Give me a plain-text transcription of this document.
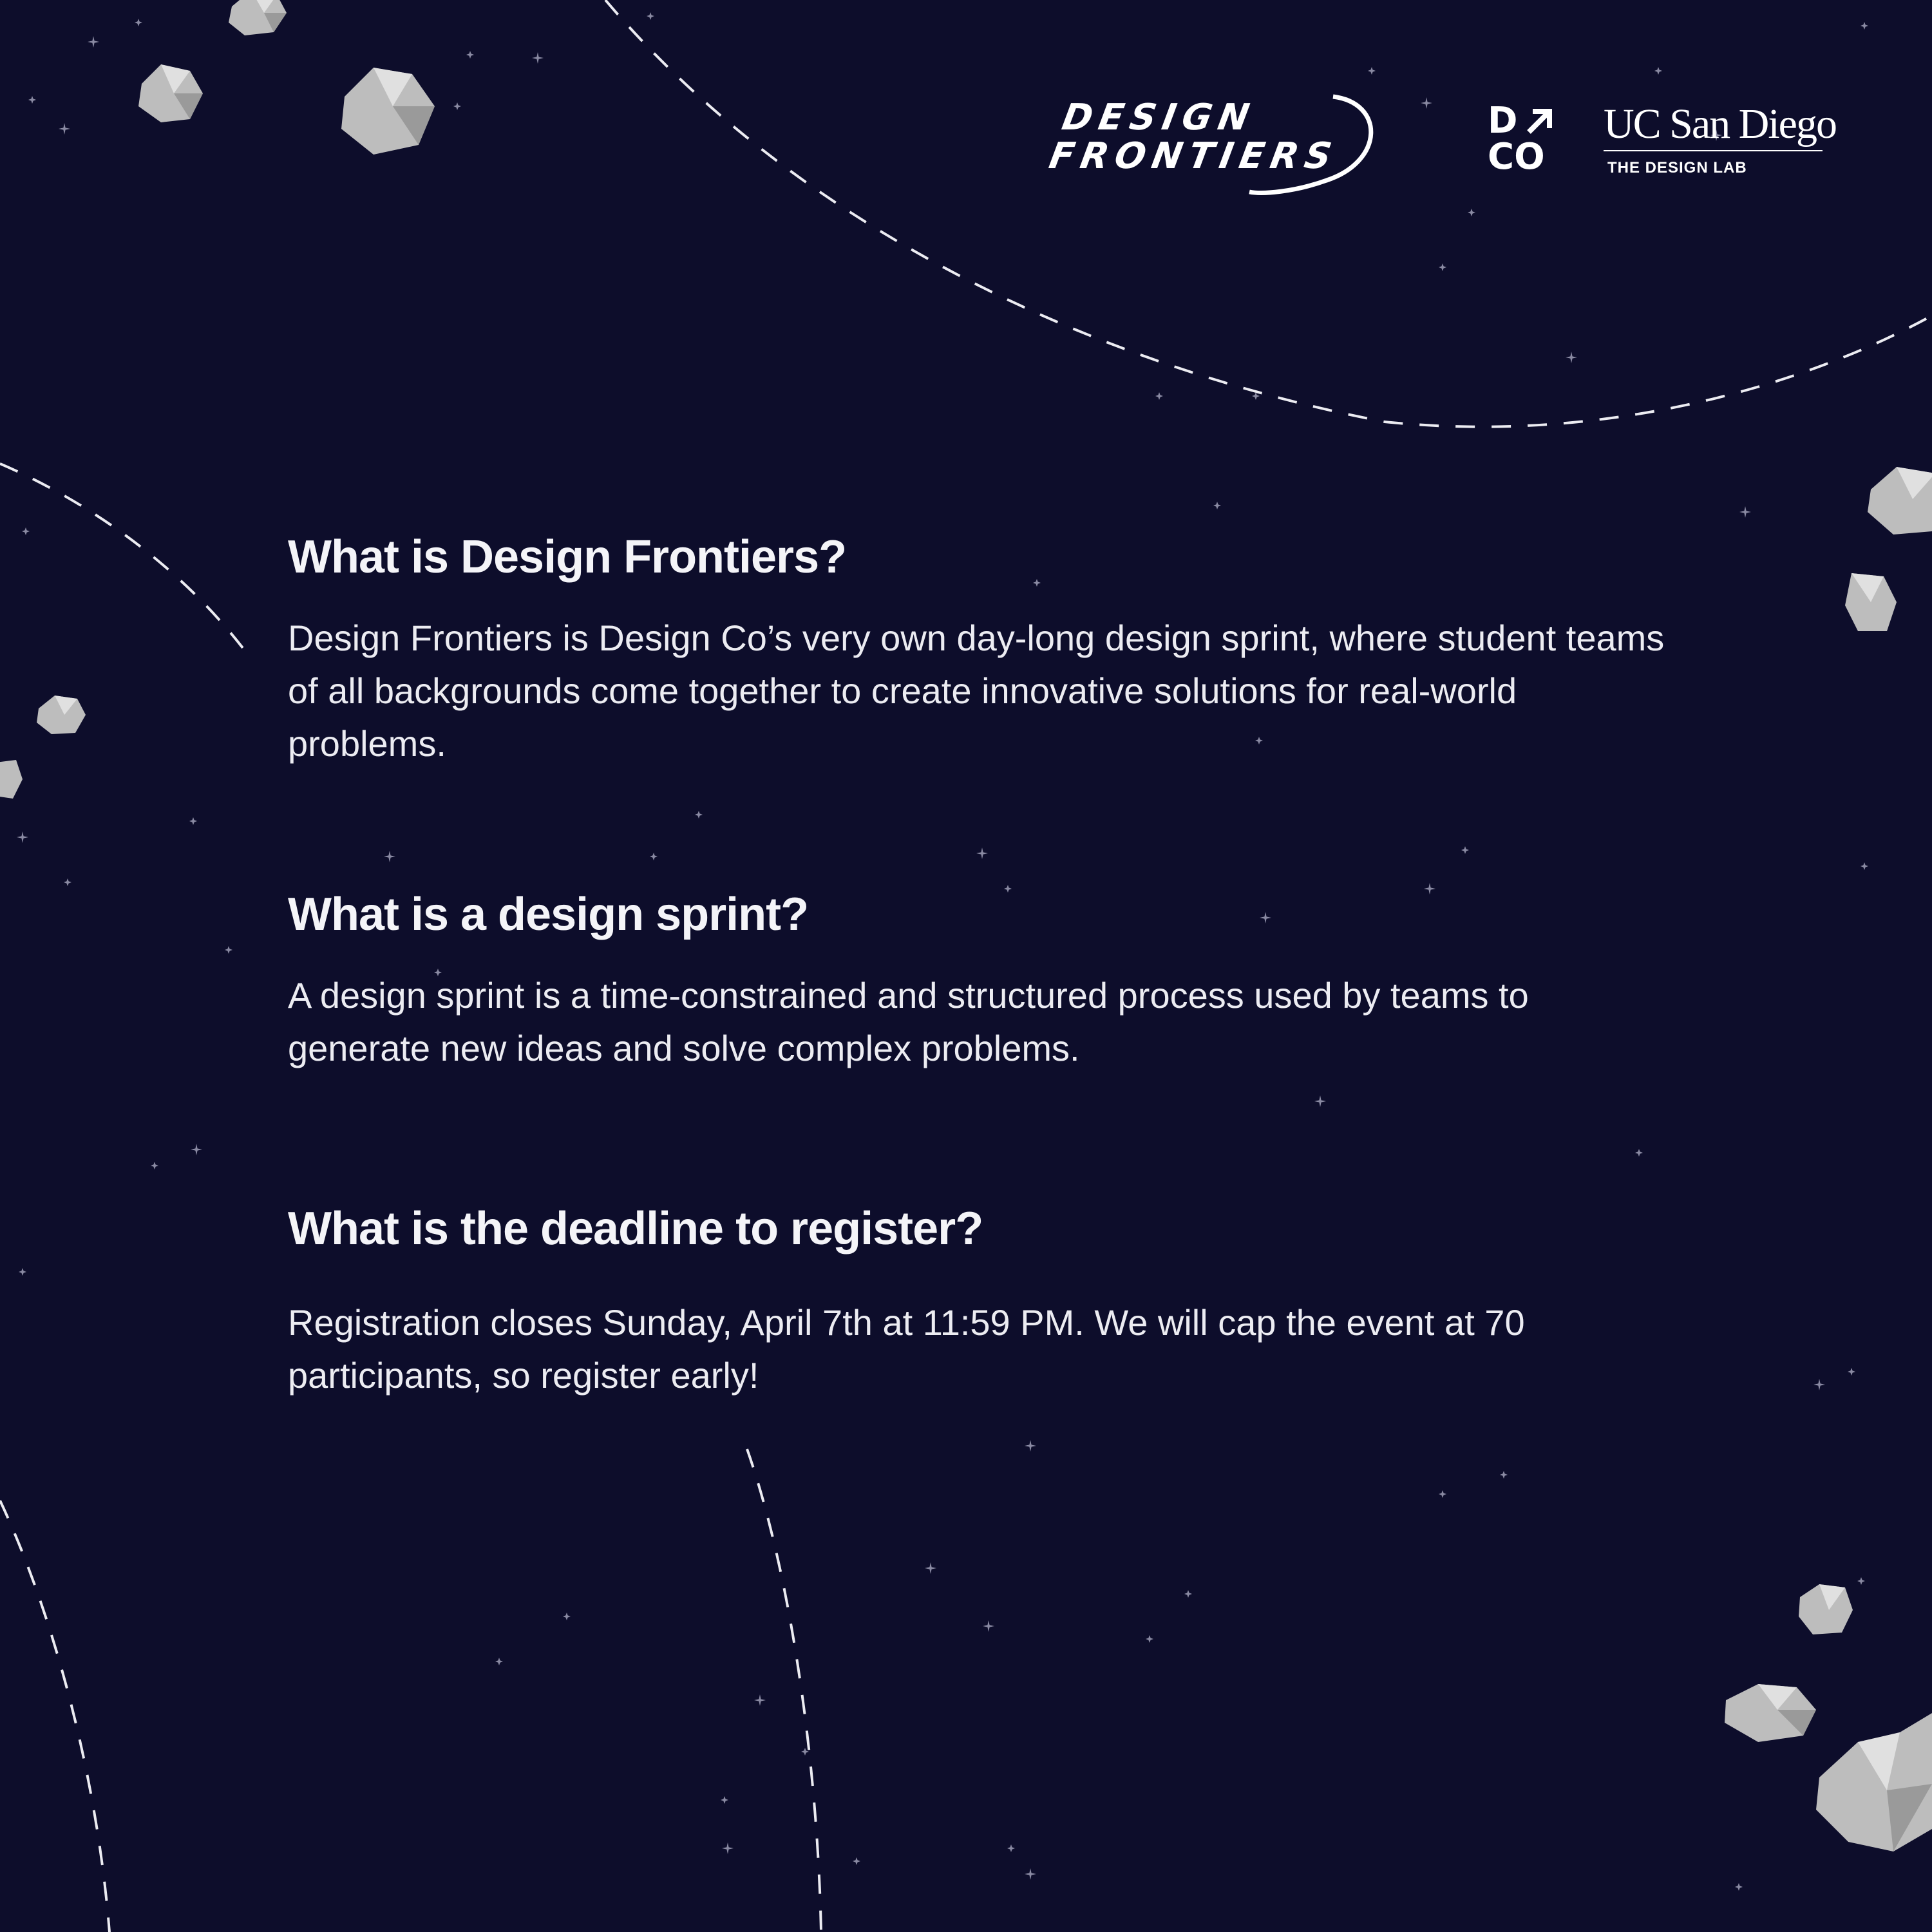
DESIGN
FRONTIERS
D
CO
UC San Diego
THE DESIGN LAB
What is Design Frontiers?

Design Frontiers is Design Co’s very own day-long design sprint, where student teams of all backgrounds come together to create innovative solutions for real-world problems.

What is a design sprint?

A design sprint is a time-constrained and structured process used by teams to generate new ideas and solve complex problems.

What is the deadline to register?

Registration closes Sunday, April 7th at 11:59 PM. We will cap the event at 70 participants, so register early!
